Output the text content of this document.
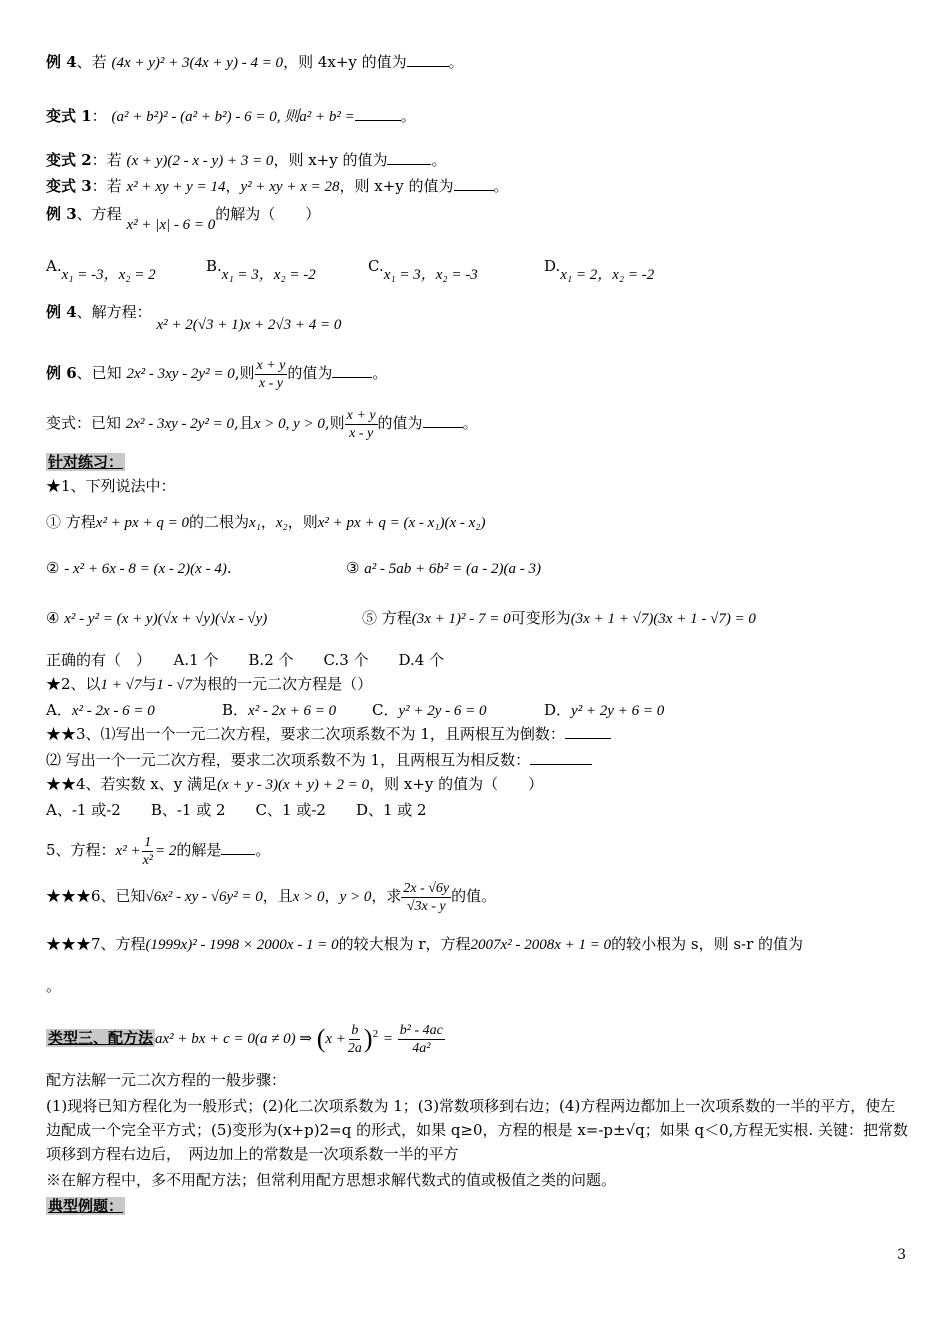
例 4、若 (4x + y)² + 3(4x + y) - 4 = 0，则 4x+y 的值为	。
变式 1： (a² + b²)² - (a² + b²) - 6 = 0, 则a² + b² =	。
变式 2：若 (x + y)(2 - x - y) + 3 = 0，则 x+y 的值为	。
变式 3：若 x² + xy + y = 14，y² + xy + x = 28，则 x+y 的值为	。
例 3、方程 x² + |x| - 6 = 0的解为（　　）
A.x₁ = -3，x₂ = 2	B.x₁ = 3，x₂ = -2	C.x₁ = 3，x₂ = -3	D.x₁ = 2，x₂ = -2
例 4、解方程： x² + 2(√3 + 1)x + 2√3 + 4 = 0
例 6、已知 2x² - 3xy - 2y² = 0,则 $\frac{x + y}{x - y}$ 的值为	。
变式：已知 2x² - 3xy - 2y² = 0,且x > 0, y > 0,则 $\frac{x + y}{x - y}$ 的值为	。
针对练习：
★1、下列说法中：
① 方程x² + px + q = 0的二根为x₁，x₂，则x² + px + q = (x - x₁)(x - x₂)
② - x² + 6x - 8 = (x - 2)(x - 4).	③ a² - 5ab + 6b² = (a - 2)(a - 3)
④ x² - y² = (x + y)(√x + √y)(√x - √y)	⑤ 方程(3x + 1)² - 7 = 0可变形为(3x + 1 + √7)(3x + 1 - √7) = 0
正确的有（　）　　A.1 个　　B.2 个　　C.3 个　　D.4 个
★2、以1 + √7与1 - √7为根的一元二次方程是（）
A．x² - 2x - 6 = 0	B．x² - 2x + 6 = 0 C．y² + 2y - 6 = 0	D．y² + 2y + 6 = 0
★★3、⑴写出一个一元二次方程，要求二次项系数不为 1，且两根互为倒数：
⑵ 写出一个一元二次方程，要求二次项系数不为 1，且两根互为相反数：
★★4、若实数 x、y 满足(x + y - 3)(x + y) + 2 = 0，则 x+y 的值为（　　）
A、-1 或-2　　B、-1 或 2　　C、1 或-2　　D、1 或 2
5、方程：$x^2 + \frac{1}{\text{x²}} = 2$的解是 。
★★★6、已知√6x² - xy - √6y² = 0，且x > 0，y > 0，求 $\frac{2x - √6y}{√3x - y}$ 的值。
★★★7、方程(1999x)² - 1998 × 2000x - 1 = 0的较大根为 r，方程2007x² - 2008x + 1 = 0的较小根为 s，则 s-r 的值为
。
类型三、配方法 ax² + bx + c = 0(a ≠ 0) ⇒ $(x + \frac{b}{2a} )^2 = \frac{\text{b² - 4ac}}{\text{4a²}}$
配方法解一元二次方程的一般步骤：
(1)现将已知方程化为一般形式；(2)化二次项系数为 1；(3)常数项移到右边；(4)方程两边都加上一次项系数的一半的平方，使左边配成一个完全平方式；(5)变形为(x+p)2=q 的形式，如果 q≥0，方程的根是 x=-p±√q；如果 q＜0,方程无实根. 关键：把常数项移到方程右边后，　两边加上的常数是一次项系数一半的平方
※在解方程中，多不用配方法；但常利用配方思想求解代数式的值或极值之类的问题。
典型例题：
3
